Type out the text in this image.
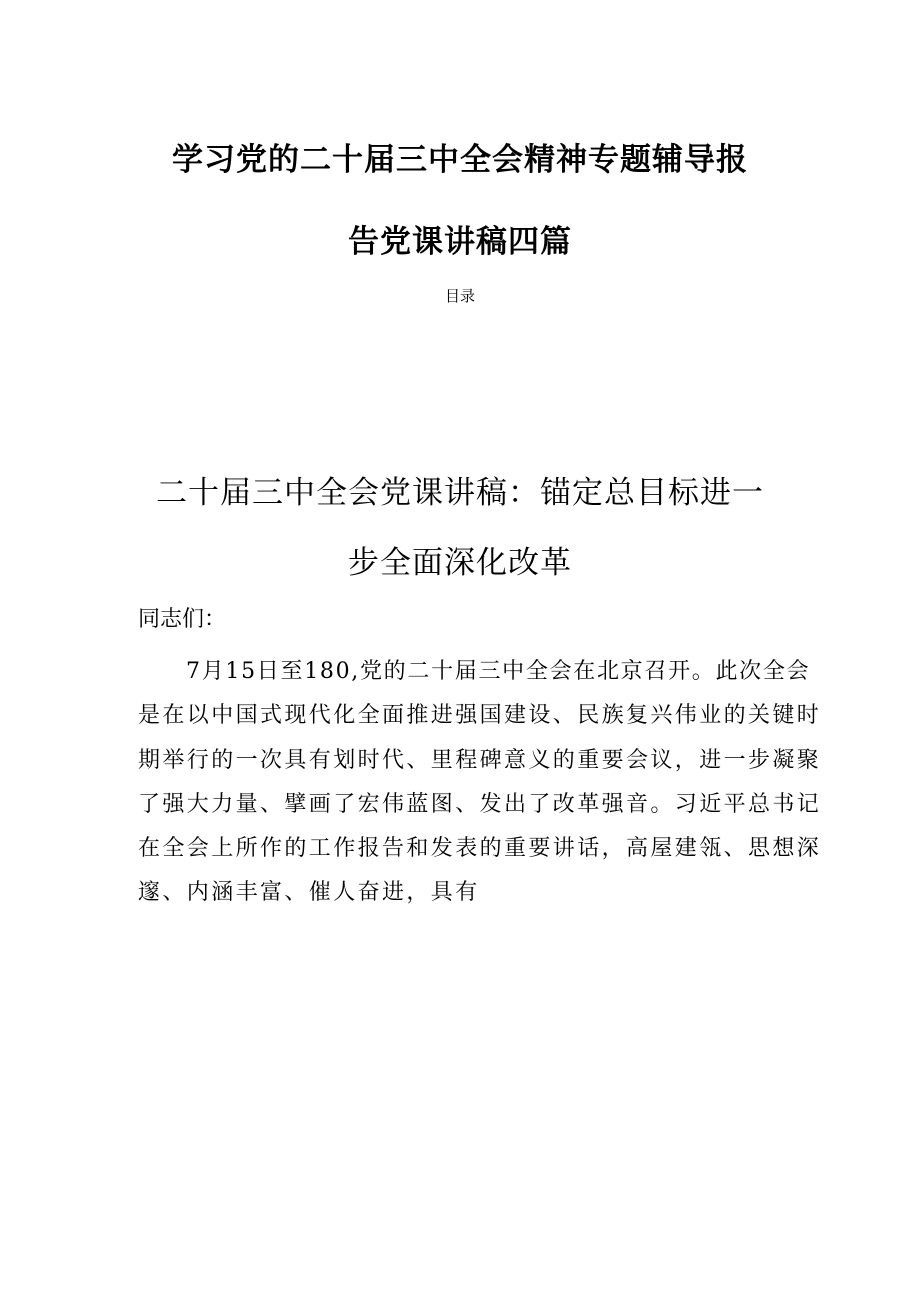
学习党的二十届三中全会精神专题辅导报
告党课讲稿四篇
目录
二十届三中全会党课讲稿：锚定总目标进一
步全面深化改革
同志们：
7月15日至180,党的二十届三中全会在北京召开。此次全会
是在以中国式现代化全面推进强国建设、民族复兴伟业的关键时
期举行的一次具有划时代、里程碑意义的重要会议，进一步凝聚
了强大力量、擘画了宏伟蓝图、发出了改革强音。习近平总书记
在全会上所作的工作报告和发表的重要讲话，高屋建瓴、思想深
邃、内涵丰富、催人奋进，具有
